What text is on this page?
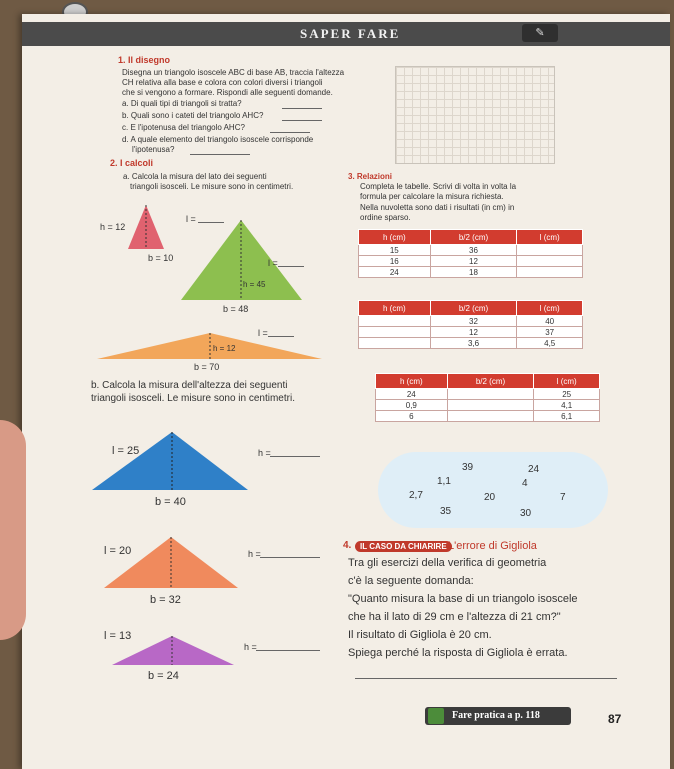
SAPER FARE	✎
1. Il disegno
Disegna un triangolo isoscele ABC di base AB, traccia l'altezza
CH relativa alla base e colora con colori diversi i triangoli
che si vengono a formare. Rispondi alle seguenti domande.
a. Di quali tipi di triangoli si tratta?
b. Quali sono i cateti del triangolo AHC?
c. E l'ipotenusa del triangolo AHC?
d. A quale elemento del triangolo isoscele corrisponde
l'ipotenusa?
2. I calcoli
a. Calcola la misura del lato dei seguenti
triangoli isosceli. Le misure sono in centimetri.
h = 12
l =
b = 10
h = 45
l =
b = 48
l =
h = 12
b = 70
b. Calcola la misura dell'altezza dei seguenti
triangoli isosceli. Le misure sono in centimetri.
l = 25	h =
b = 40
l = 20	h =
b = 32
l = 13
h =
b = 24
3. Relazioni
Completa le tabelle. Scrivi di volta in volta la
formula per calcolare la misura richiesta.
Nella nuvoletta sono dati i risultati (in cm) in
ordine sparso.
h (cm)	b/2 (cm)	l (cm)
15	36	
16	12	
24	18	
h (cm)	b/2 (cm)	l (cm)
	32	40
	12	37
	3,6	4,5
h (cm)	b/2 (cm)	l (cm)
24		25
0,9		4,1
6		6,1
39	24
1,1	4
2,7	20	7
35	30
4.	IL CASO DA CHIARIRE L'errore di Gigliola
Tra gli esercizi della verifica di geometria
c'è la seguente domanda:
"Quanto misura la base di un triangolo isoscele
che ha il lato di 29 cm e l'altezza di 21 cm?"
Il risultato di Gigliola è 20 cm.
Spiega perché la risposta di Gigliola è errata.
Fare pratica a p. 118	87
